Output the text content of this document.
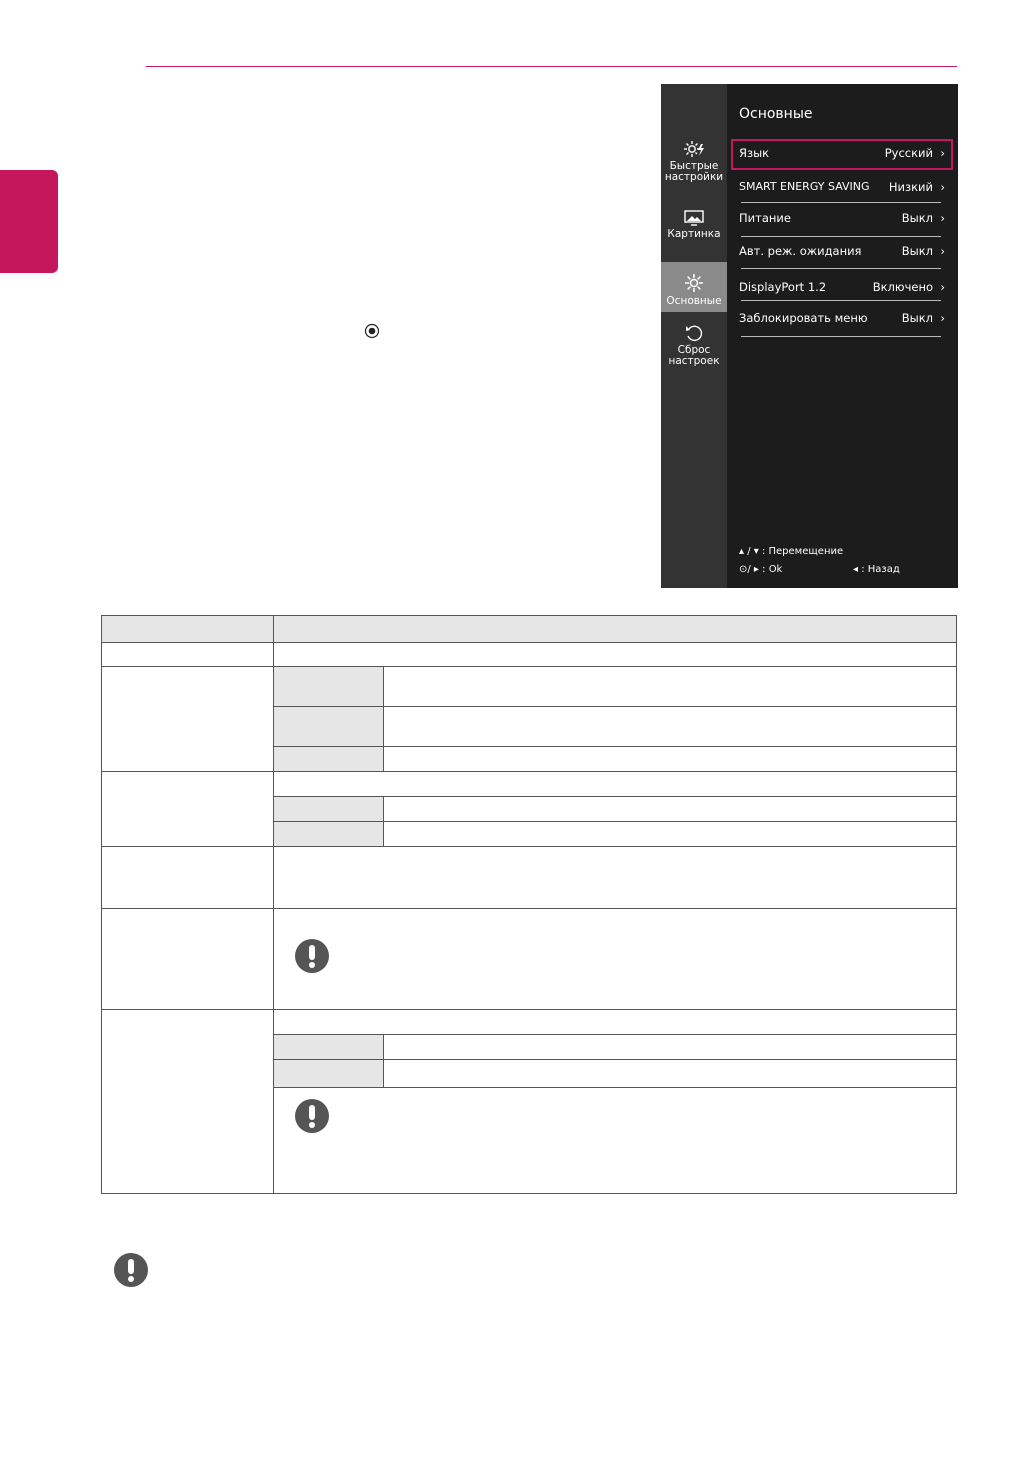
Быстрые
настройки
Картинка
Основные
Сброс
настроек
Основные
Язык	Русский ›
SMART ENERGY SAVING Низкий ›
Питание	Выкл ›
Авт. реж. ожидания	Выкл ›
DisplayPort 1.2	Включено ›
Заблокировать меню	Выкл ›
▴ / ▾ : Перемещение
⊙/ ▸ : Ok	◂ : Назад
